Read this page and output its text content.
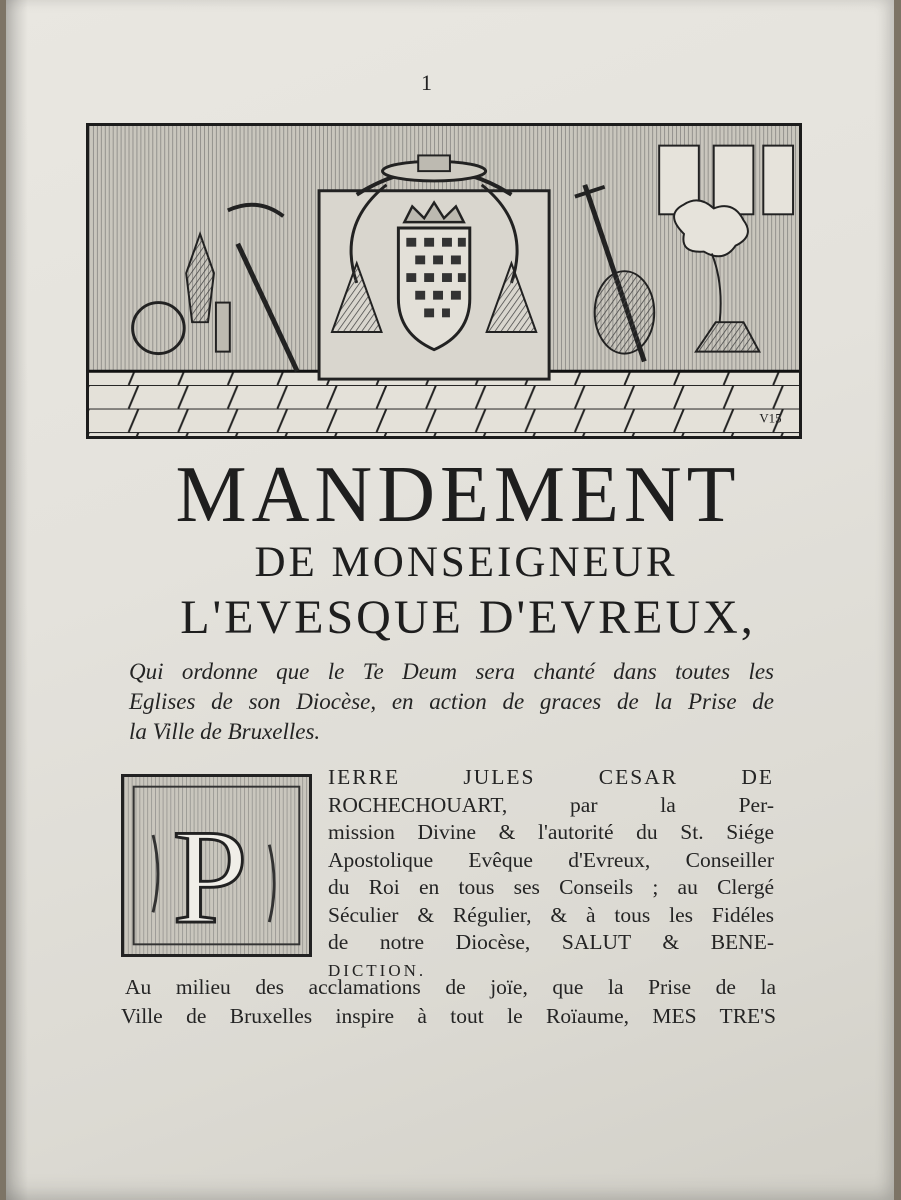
1
V15
MANDEMENT
DE MONSEIGNEUR
L'EVESQUE D'EVREUX,
Qui ordonne que le Te Deum sera chanté dans toutes les
Eglises de son Diocèse, en action de graces de la Prise de
la Ville de Bruxelles.
P
IERRE JULES CESAR DE
ROCHECHOUART, par la Per-
mission Divine & l'autorité du St. Siége
Apostolique Evêque d'Evreux, Conseiller
du Roi en tous ses Conseils ; au Clergé
Séculier & Régulier, & à tous les Fidéles
de notre Diocèse, SALUT & BENE-
DICTION.
Au milieu des acclamations de joïe, que la Prise de la
Ville de Bruxelles inspire à tout le Roïaume, MES TRE'S
